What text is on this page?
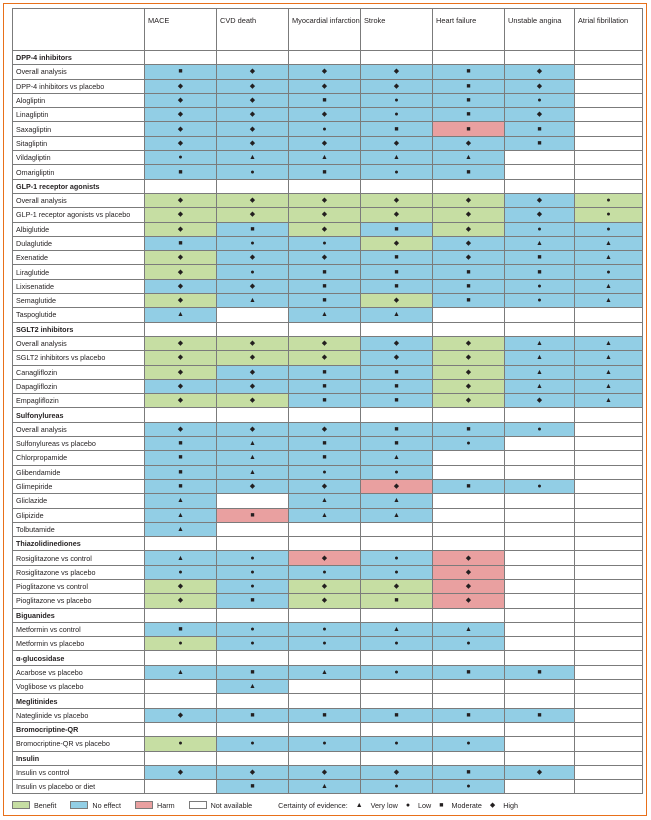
	MACE	CVD death	Myocardial infarction	Stroke	Heart failure	Unstable angina	Atrial fibrillation
DPP-4 inhibitors							
Overall analysis	■	◆	◆	◆	■	◆	
DPP-4 inhibitors vs placebo	◆	◆	◆	◆	■	◆	
Alogliptin	◆	◆	■	●	■	●	
Linagliptin	◆	◆	◆	●	■	◆	
Saxagliptin	◆	◆	●	■	■	■	
Sitagliptin	◆	◆	◆	◆	◆	■	
Vildagliptin	●	▲	▲	▲	▲		
Omarigliptin	■	●	■	●	■		
GLP-1 receptor agonists							
Overall analysis	◆	◆	◆	◆	◆	◆	●
GLP-1 receptor agonists vs placebo	◆	◆	◆	◆	◆	◆	●
Albiglutide	◆	■	◆	■	◆	●	●
Dulaglutide	■	●	●	◆	◆	▲	▲
Exenatide	◆	◆	◆	■	◆	■	▲
Liraglutide	◆	●	■	■	■	■	●
Lixisenatide	◆	◆	■	■	■	●	▲
Semaglutide	◆	▲	■	◆	■	●	▲
Taspoglutide	▲		▲	▲			
SGLT2 inhibitors							
Overall analysis	◆	◆	◆	◆	◆	▲	▲
SGLT2 inhibitors vs placebo	◆	◆	◆	◆	◆	▲	▲
Canagliflozin	◆	◆	■	■	◆	▲	▲
Dapagliflozin	◆	◆	■	■	◆	▲	▲
Empagliflozin	◆	◆	■	■	◆	◆	▲
Sulfonylureas							
Overall analysis	◆	◆	◆	■	■	●	
Sulfonylureas vs placebo	■	▲	■	■	●		
Chlorpropamide	■	▲	■	▲			
Glibendamide	■	▲	●	●			
Glimepiride	■	◆	◆	◆	■	●	
Gliclazide	▲		▲	▲			
Glipizide	▲	■	▲	▲			
Tolbutamide	▲						
Thiazolidinediones							
Rosiglitazone vs control	▲	●	◆	●	◆		
Rosiglitazone vs placebo	●	●	●	●	◆		
Pioglitazone vs control	◆	●	◆	◆	◆		
Pioglitazone vs placebo	◆	■	◆	■	◆		
Biguanides							
Metformin vs control	■	●	●	▲	▲		
Metformin vs placebo	●	●	●	●	●		
α-glucosidase							
Acarbose vs placebo	▲	■	▲	●	■	■	
Voglibose vs placebo		▲					
Meglitinides							
Nateglinide vs placebo	◆	■	■	■	■	■	
Bromocriptine-QR							
Bromocriptine-QR vs placebo	●	●	●	●	●		
Insulin							
Insulin vs control	◆	◆	◆	◆	■	◆	
Insulin vs placebo or diet		■	▲	●	●		
Benefit	No effect	Harm	Not available	Certainty of evidence: ▲ Very low ● Low ■ Moderate ◆ High
